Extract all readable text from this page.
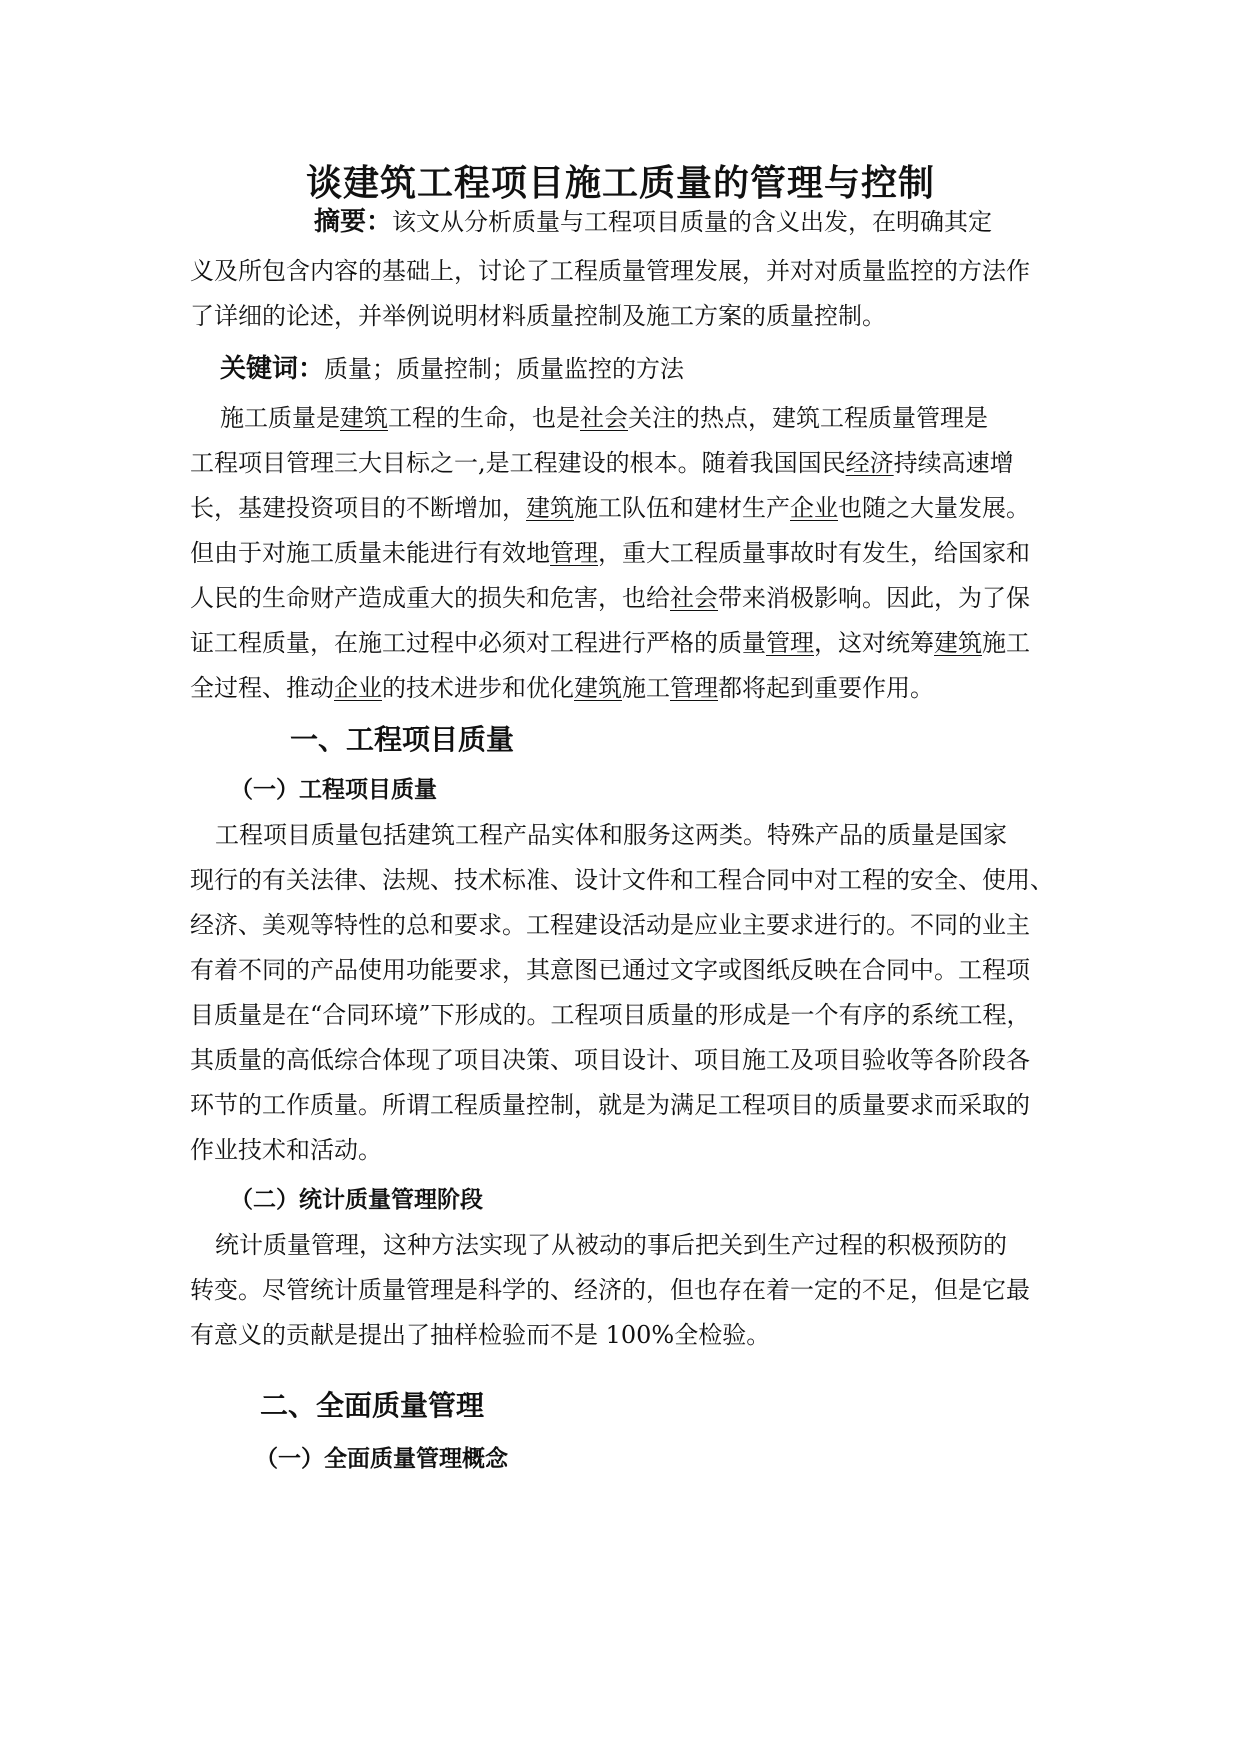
谈建筑工程项目施工质量的管理与控制
摘要：该文从分析质量与工程项目质量的含义出发，在明确其定
义及所包含内容的基础上，讨论了工程质量管理发展，并对对质量监控的方法作
了详细的论述，并举例说明材料质量控制及施工方案的质量控制。
关键词：质量；质量控制；质量监控的方法
施工质量是建筑工程的生命，也是社会关注的热点，建筑工程质量管理是
工程项目管理三大目标之一,是工程建设的根本。随着我国国民经济持续高速增
长，基建投资项目的不断增加，建筑施工队伍和建材生产企业也随之大量发展。
但由于对施工质量未能进行有效地管理，重大工程质量事故时有发生，给国家和
人民的生命财产造成重大的损失和危害，也给社会带来消极影响。因此，为了保
证工程质量，在施工过程中必须对工程进行严格的质量管理，这对统筹建筑施工
全过程、推动企业的技术进步和优化建筑施工管理都将起到重要作用。
一、工程项目质量
（一）工程项目质量
工程项目质量包括建筑工程产品实体和服务这两类。特殊产品的质量是国家
现行的有关法律、法规、技术标准、设计文件和工程合同中对工程的安全、使用、
经济、美观等特性的总和要求。工程建设活动是应业主要求进行的。不同的业主
有着不同的产品使用功能要求，其意图已通过文字或图纸反映在合同中。工程项
目质量是在“合同环境”下形成的。工程项目质量的形成是一个有序的系统工程，
其质量的高低综合体现了项目决策、项目设计、项目施工及项目验收等各阶段各
环节的工作质量。所谓工程质量控制，就是为满足工程项目的质量要求而采取的
作业技术和活动。
（二）统计质量管理阶段
统计质量管理，这种方法实现了从被动的事后把关到生产过程的积极预防的
转变。尽管统计质量管理是科学的、经济的，但也存在着一定的不足，但是它最
有意义的贡献是提出了抽样检验而不是 100%全检验。
二、全面质量管理
（一）全面质量管理概念
